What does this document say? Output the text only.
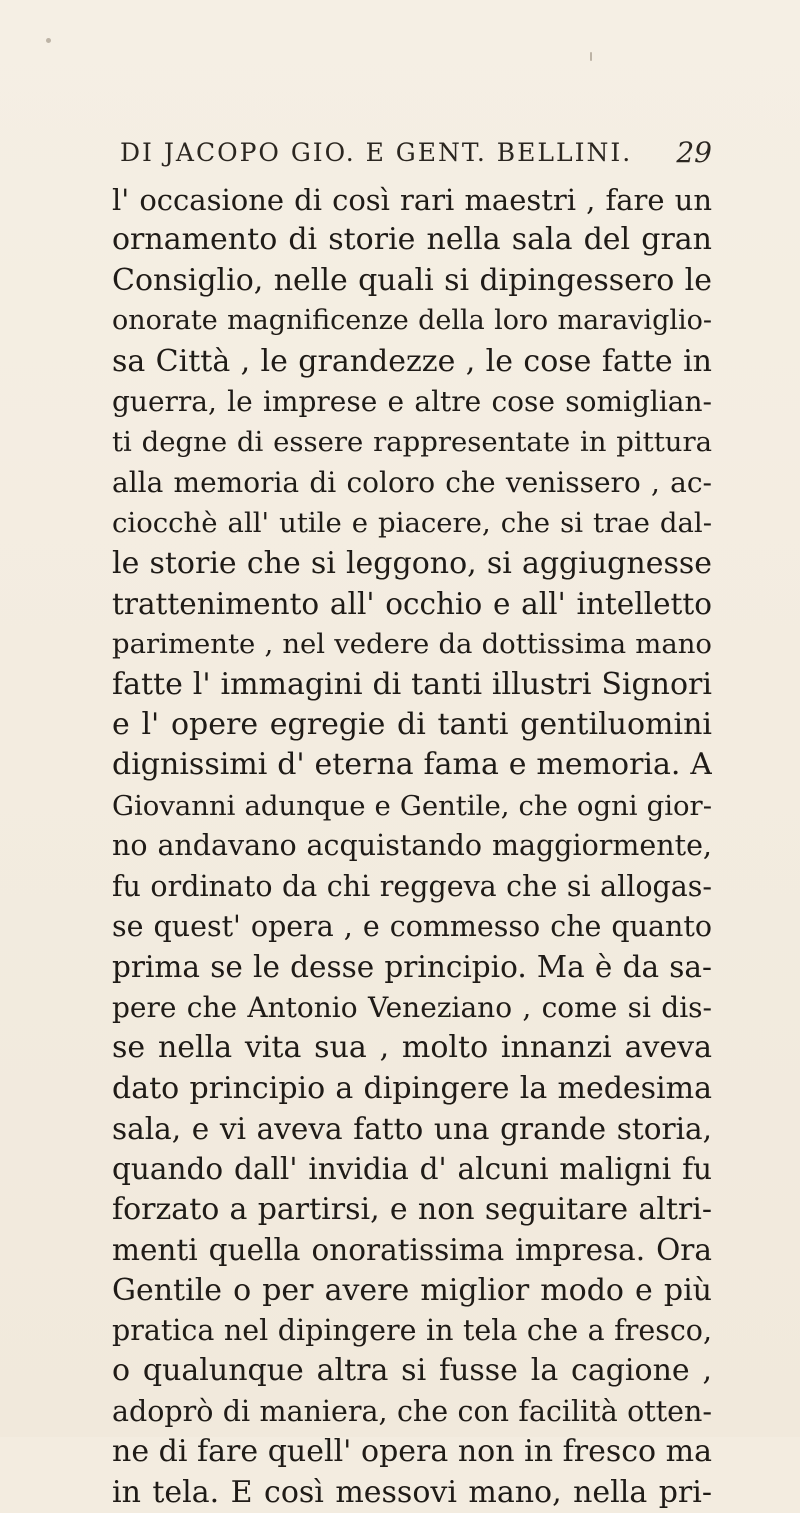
DI JACOPO GIO. E GENT. BELLINI. 29
l' occasione di così rari maestri , fare un
ornamento di storie nella sala del gran
Consiglio, nelle quali si dipingessero le
onorate magnificenze della loro maraviglio-
sa Città , le grandezze , le cose fatte in
guerra, le imprese e altre cose somiglian-
ti degne di essere rappresentate in pittura
alla memoria di coloro che venissero , ac-
ciocchè all' utile e piacere, che si trae dal-
le storie che si leggono, si aggiugnesse
trattenimento all' occhio e all' intelletto
parimente , nel vedere da dottissima mano
fatte l' immagini di tanti illustri Signori
e l' opere egregie di tanti gentiluomini
dignissimi d' eterna fama e memoria. A
Giovanni adunque e Gentile, che ogni gior-
no andavano acquistando maggiormente,
fu ordinato da chi reggeva che si allogas-
se quest' opera , e commesso che quanto
prima se le desse principio. Ma è da sa-
pere che Antonio Veneziano , come si dis-
se nella vita sua , molto innanzi aveva
dato principio a dipingere la medesima
sala, e vi aveva fatto una grande storia,
quando dall' invidia d' alcuni maligni fu
forzato a partirsi, e non seguitare altri-
menti quella onoratissima impresa. Ora
Gentile o per avere miglior modo e più
pratica nel dipingere in tela che a fresco,
o qualunque altra si fusse la cagione ,
adoprò di maniera, che con facilità otten-
ne di fare quell' opera non in fresco ma
in tela. E così messovi mano, nella pri-
